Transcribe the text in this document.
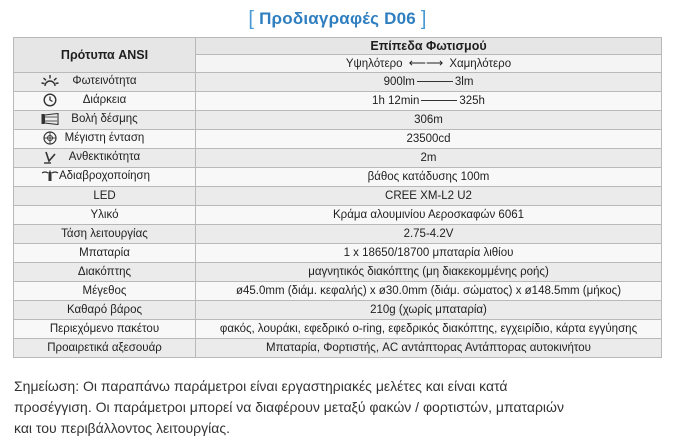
[ Προδιαγραφές D06 ]
Πρότυπα ANSI	Επίπεδα Φωτισμού
Υψηλότερο ⟵⟶ Χαμηλότερο

Φωτεινότητα	900lm 3lm

Διάρκεια	1h 12min 325h

Βολή δέσμης	306m

Μέγιστη ένταση	23500cd

Ανθεκτικότητα	2m

Αδιαβροχοποίηση	βάθος κατάδυσης 100m

LED	CREE XM-L2 U2

Υλικό	Κράμα αλουμινίου Αεροσκαφών 6061

Τάση λειτουργίας	2.75-4.2V

Μπαταρία	1 x 18650/18700 μπαταρία λιθίου

Διακόπτης	μαγνητικός διακόπτης (μη διακεκομμένης ροής)

Μέγεθος	ø45.0mm (διάμ. κεφαλής) x ø30.0mm (διάμ. σώματος) x ø148.5mm (μήκος)

Καθαρό βάρος	210g (χωρίς μπαταρία)

Περιεχόμενο πακέτου	φακός, λουράκι, εφεδρικό o-ring, εφεδρικός διακόπτης, εγχειρίδιο, κάρτα εγγύησης

Προαιρετικά αξεσουάρ	Μπαταρία, Φορτιστής, AC αντάπτορας Αντάπτορας αυτοκινήτου
Σημείωση: Οι παραπάνω παράμετροι είναι εργαστηριακές μελέτες και είναι κατά
προσέγγιση. Οι παράμετροι μπορεί να διαφέρουν μεταξύ φακών / φορτιστών, μπαταριών
και του περιβάλλοντος λειτουργίας.
